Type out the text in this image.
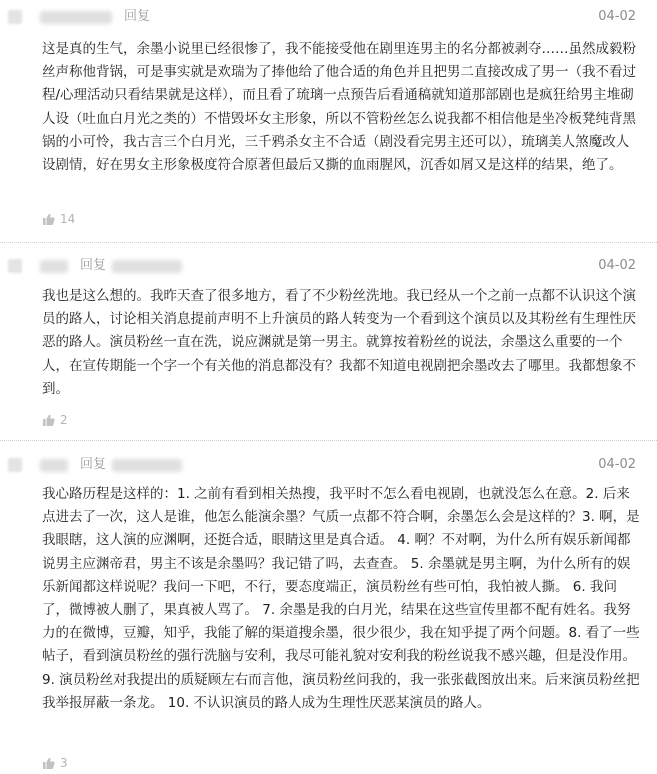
回复	04-02
这是真的生气，余墨小说里已经很惨了，我不能接受他在剧里连男主的名分都被剥夺……虽然成毅粉丝声称他背锅，可是事实就是欢瑞为了捧他给了他合适的角色并且把男二直接改成了男一（我不看过程/心理活动只看结果就是这样），而且看了琉璃一点预告后看通稿就知道那部剧也是疯狂给男主堆砌人设（吐血白月光之类的）不惜毁坏女主形象，所以不管粉丝怎么说我都不相信他是坐冷板凳纯背黑锅的小可怜，我古言三个白月光，三千鸦杀女主不合适（剧没看完男主还可以），琉璃美人煞魔改人设剧情，好在男女主形象极度符合原著但最后又撕的血雨腥风，沉香如屑又是这样的结果，绝了。
14
回复	04-02
我也是这么想的。我昨天查了很多地方，看了不少粉丝洗地。我已经从一个之前一点都不认识这个演员的路人，讨论相关消息提前声明不上升演员的路人转变为一个看到这个演员以及其粉丝有生理性厌恶的路人。演员粉丝一直在洗，说应渊就是第一男主。就算按着粉丝的说法，余墨这么重要的一个人，在宣传期能一个字一个有关他的消息都没有？我都不知道电视剧把余墨改去了哪里。我都想象不到。
2
回复	04-02
我心路历程是这样的：1. 之前有看到相关热搜，我平时不怎么看电视剧，也就没怎么在意。2. 后来点进去了一次，这人是谁，他怎么能演余墨？气质一点都不符合啊，余墨怎么会是这样的？3. 啊，是我眼瞎，这人演的应渊啊，还挺合适，眼睛这里是真合适。 4. 啊？不对啊，为什么所有娱乐新闻都说男主应渊帝君，男主不该是余墨吗？我记错了吗，去查查。 5. 余墨就是男主啊，为什么所有的娱乐新闻都这样说呢？我问一下吧，不行，要态度端正，演员粉丝有些可怕，我怕被人撕。 6. 我问了，微博被人删了，果真被人骂了。 7. 余墨是我的白月光，结果在这些宣传里都不配有姓名。我努力的在微博，豆瓣，知乎，我能了解的渠道搜余墨，很少很少，我在知乎提了两个问题。8. 看了一些帖子，看到演员粉丝的强行洗脑与安利，我尽可能礼貌对安利我的粉丝说我不感兴趣，但是没作用。 9. 演员粉丝对我提出的质疑顾左右而言他，演员粉丝问我的，我一张张截图放出来。后来演员粉丝把我举报屏蔽一条龙。 10. 不认识演员的路人成为生理性厌恶某演员的路人。
3
